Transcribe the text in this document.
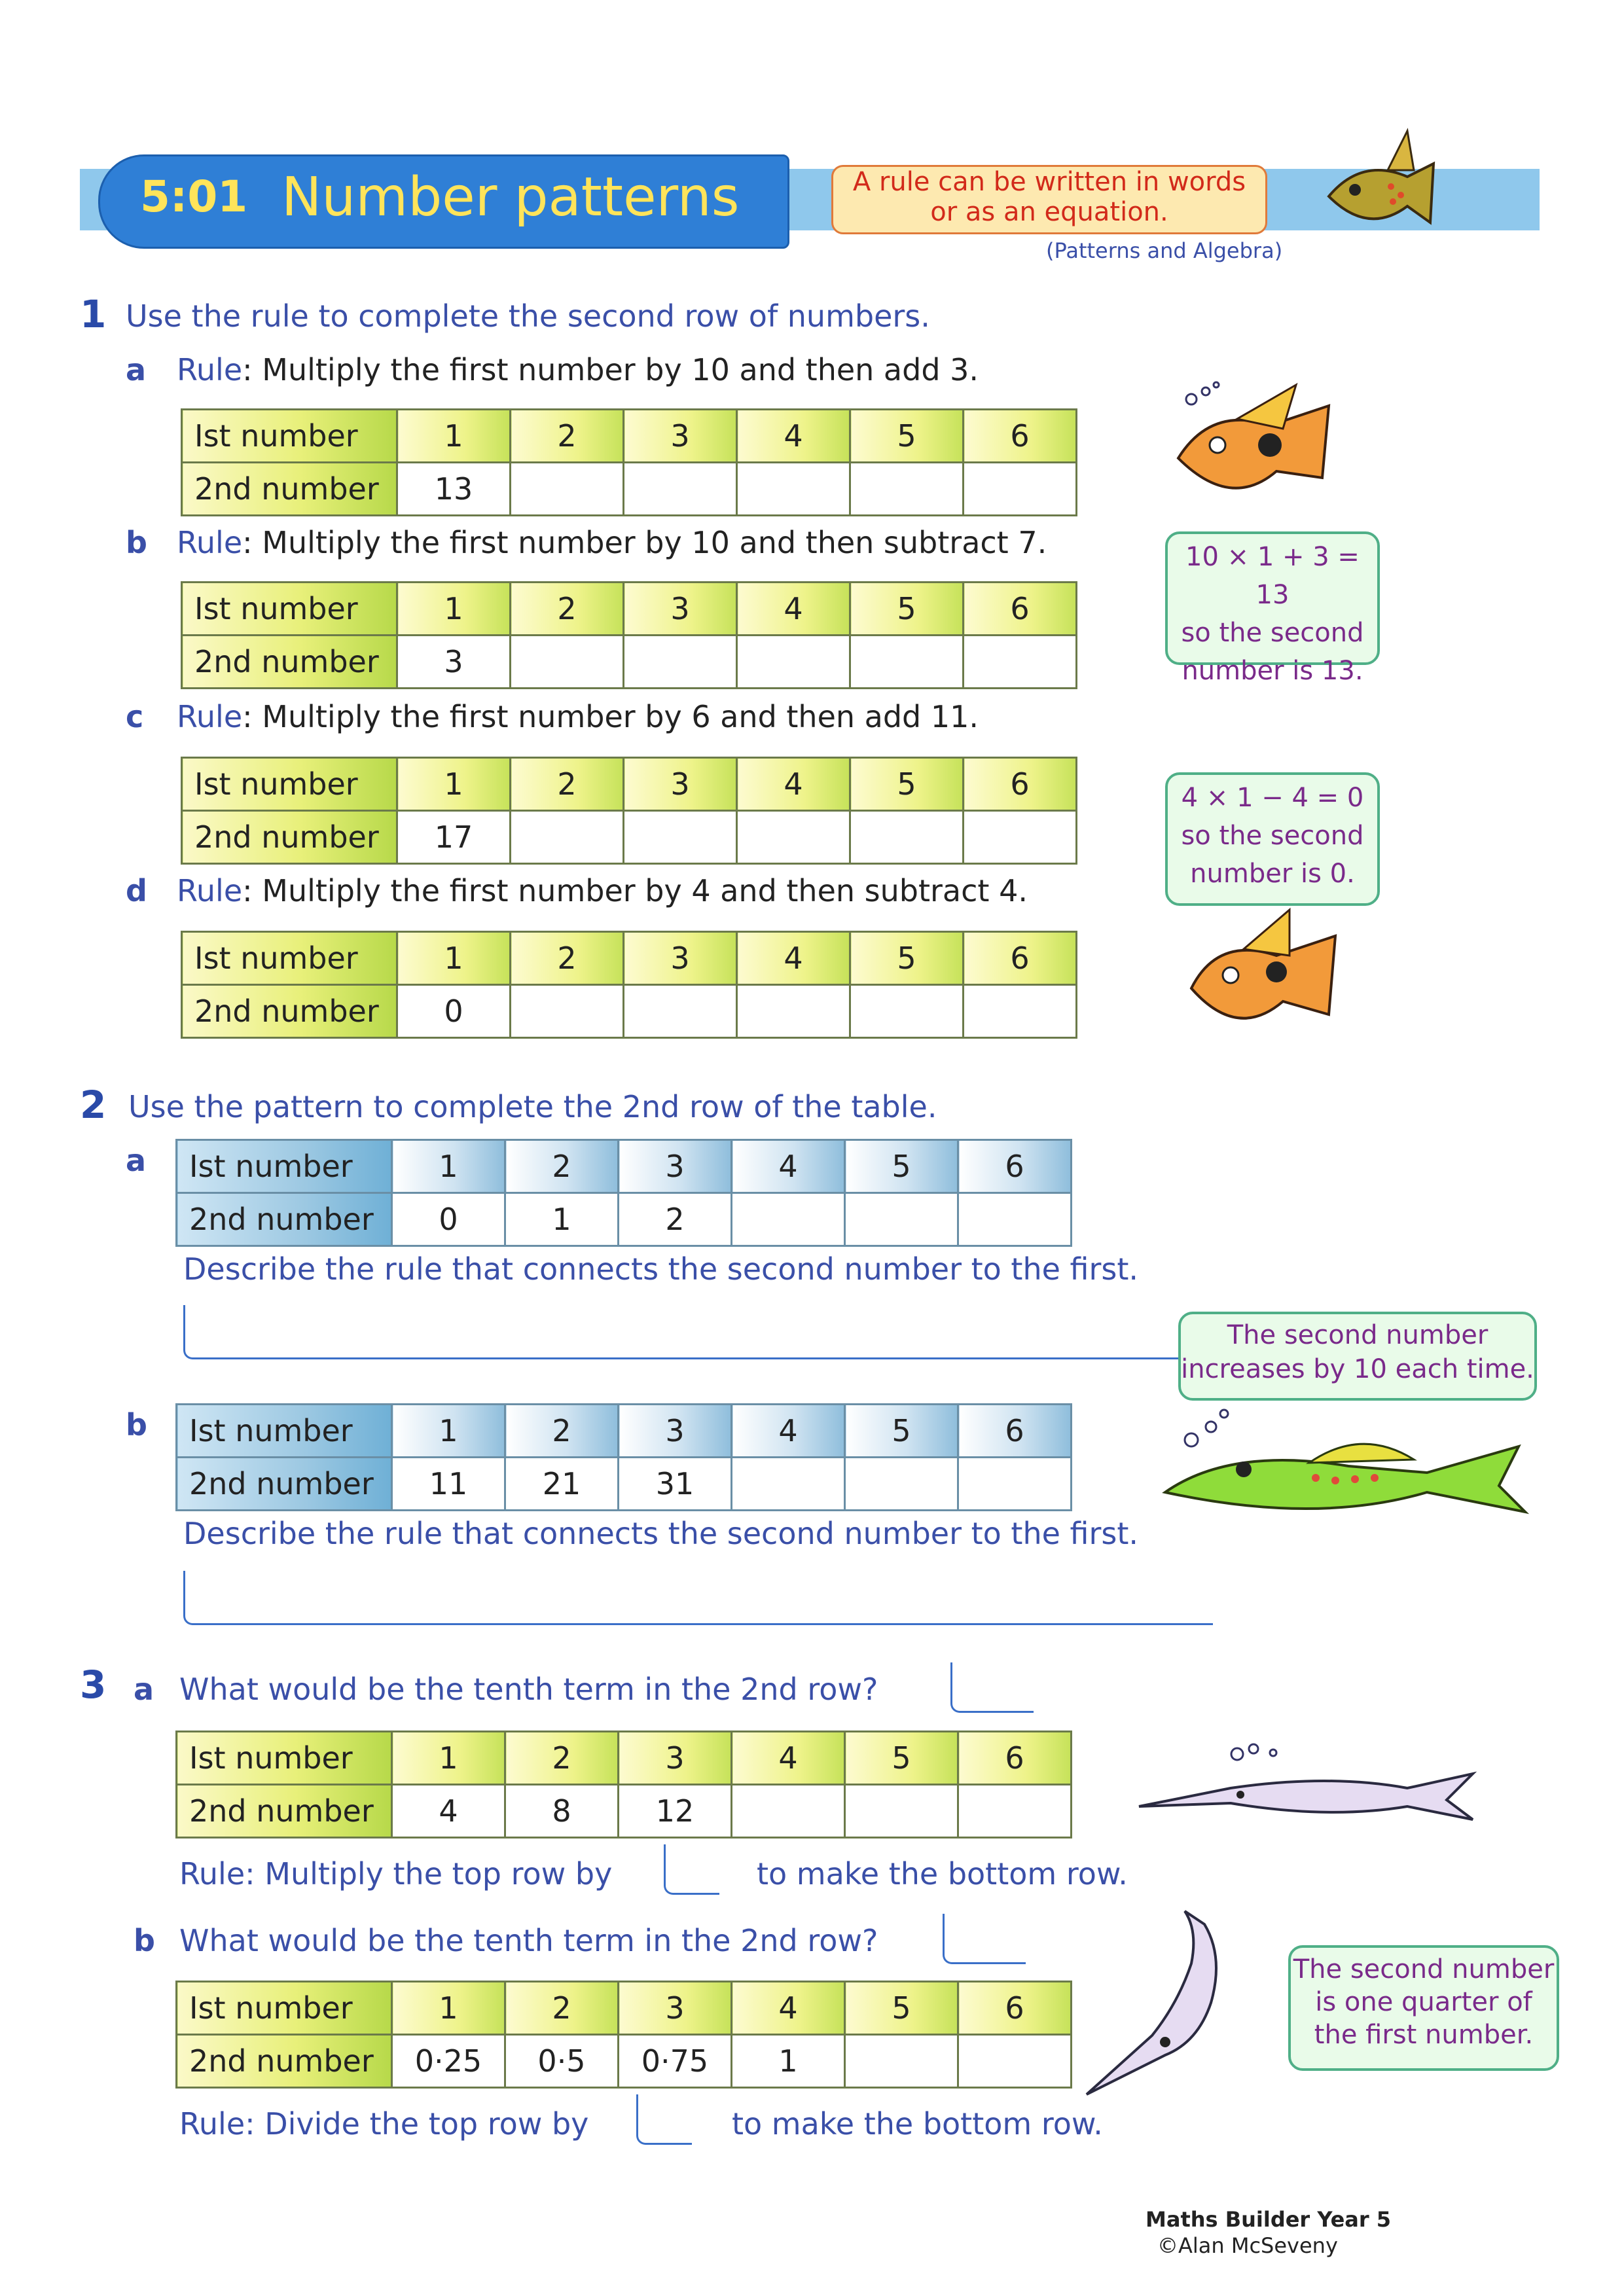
5:01 Number patterns	A rule can be written in words
or as an equation.
(Patterns and Algebra)
1 Use the rule to complete the second row of numbers.
a Rule: Multiply the first number by 10 and then add 3.
Ist number	1	2	3	4	5	6
2nd number	13					
b Rule: Multiply the first number by 10 and then subtract 7.
Ist number	1	2	3	4	5	6
2nd number	3					
c Rule: Multiply the first number by 6 and then add 11.
Ist number	1	2	3	4	5	6
2nd number	17					
d Rule: Multiply the first number by 4 and then subtract 4.
Ist number	1	2	3	4	5	6
2nd number	0					
10 × 1 + 3 = 13
so the second
number is 13.
4 × 1 − 4 = 0
so the second
number is 0.
2 Use the pattern to complete the 2nd row of the table.
a Ist number	1	2	3	4	5	6
2nd number	0	1	2			
Describe the rule that connects the second number to the first.
The second number
increases by 10 each time.
b Ist number	1	2	3	4	5	6
2nd number	11	21	31			
Describe the rule that connects the second number to the first.
3 a What would be the tenth term in the 2nd row?
Ist number	1	2	3	4	5	6
2nd number	4	8	12			
Rule: Multiply the top row by	to make the bottom row.
b What would be the tenth term in the 2nd row?
Ist number	1	2	3	4	5	6
2nd number	0·25	0·5	0·75	1		
Rule: Divide the top row by	to make the bottom row.
The second number
is one quarter of
the first number.
Maths Builder Year 5
©Alan McSeveny
